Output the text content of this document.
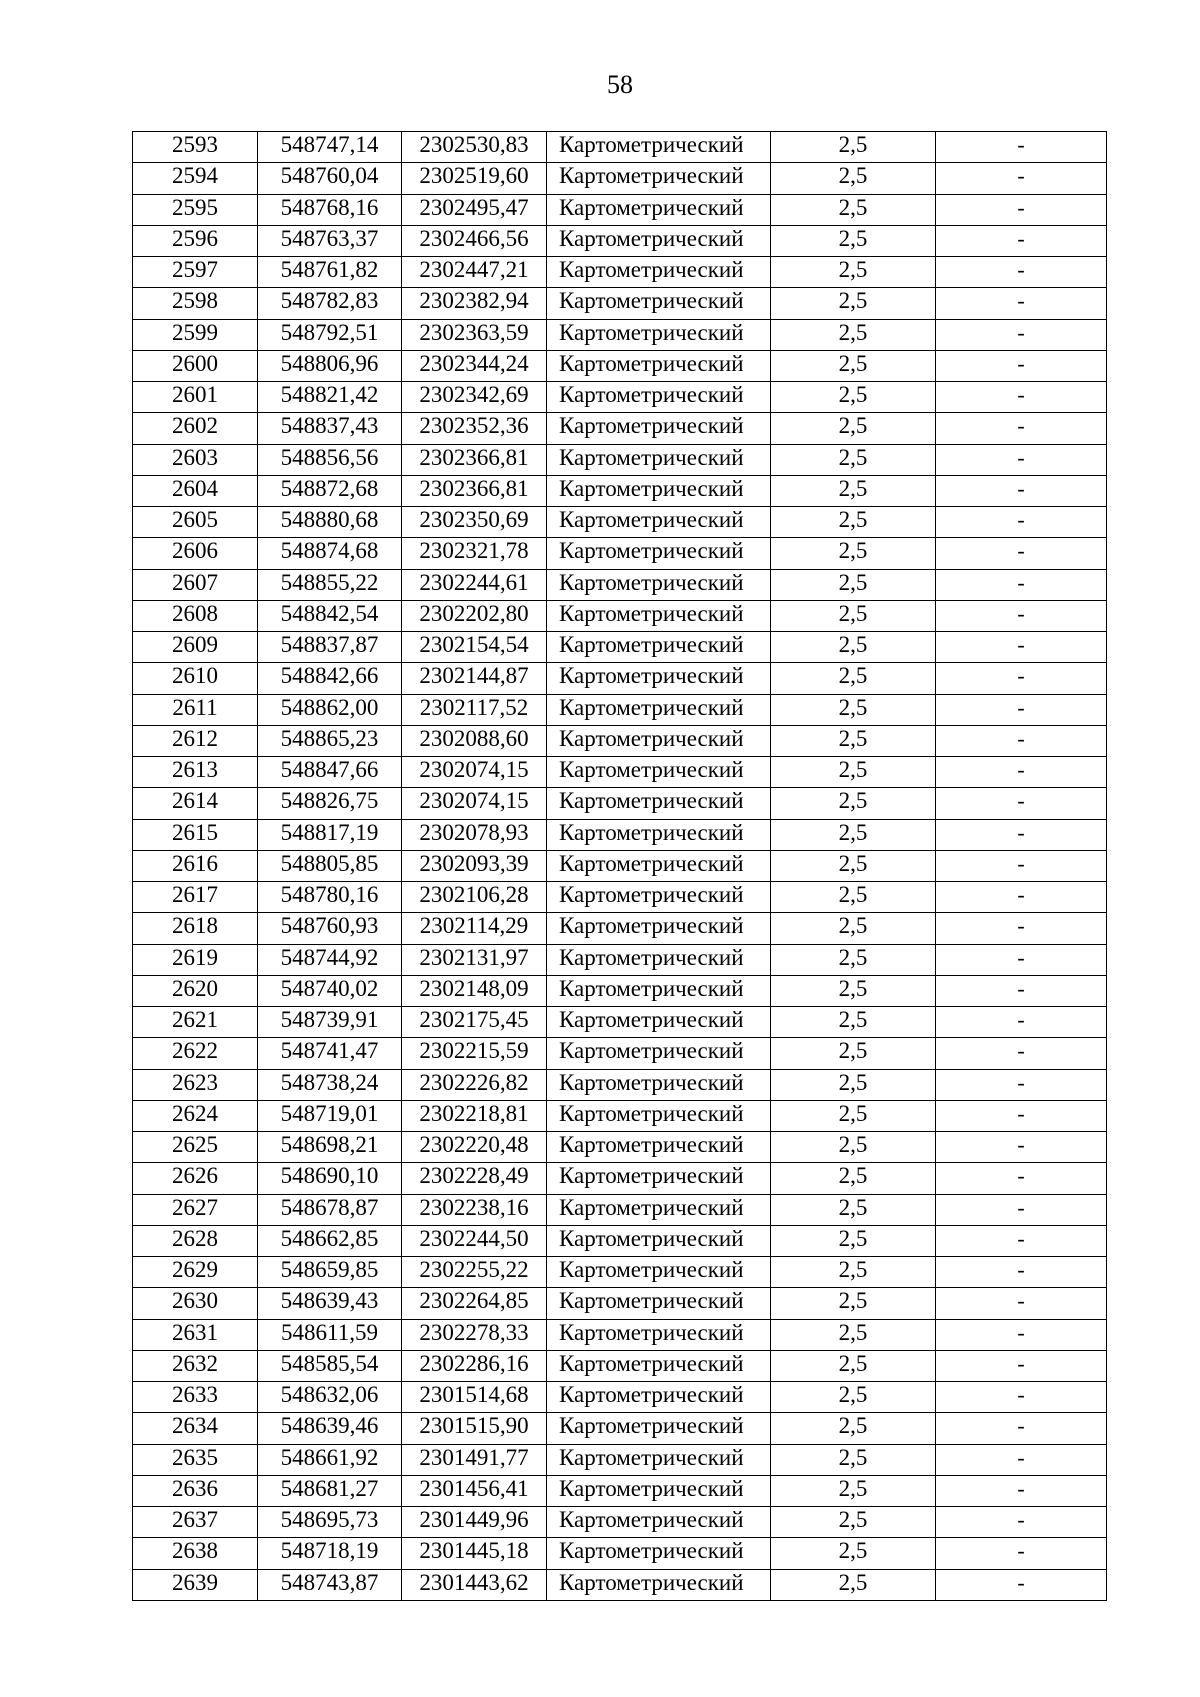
58
2593	548747,14	2302530,83	Картометрический	2,5	-
2594	548760,04	2302519,60	Картометрический	2,5	-
2595	548768,16	2302495,47	Картометрический	2,5	-
2596	548763,37	2302466,56	Картометрический	2,5	-
2597	548761,82	2302447,21	Картометрический	2,5	-
2598	548782,83	2302382,94	Картометрический	2,5	-
2599	548792,51	2302363,59	Картометрический	2,5	-
2600	548806,96	2302344,24	Картометрический	2,5	-
2601	548821,42	2302342,69	Картометрический	2,5	-
2602	548837,43	2302352,36	Картометрический	2,5	-
2603	548856,56	2302366,81	Картометрический	2,5	-
2604	548872,68	2302366,81	Картометрический	2,5	-
2605	548880,68	2302350,69	Картометрический	2,5	-
2606	548874,68	2302321,78	Картометрический	2,5	-
2607	548855,22	2302244,61	Картометрический	2,5	-
2608	548842,54	2302202,80	Картометрический	2,5	-
2609	548837,87	2302154,54	Картометрический	2,5	-
2610	548842,66	2302144,87	Картометрический	2,5	-
2611	548862,00	2302117,52	Картометрический	2,5	-
2612	548865,23	2302088,60	Картометрический	2,5	-
2613	548847,66	2302074,15	Картометрический	2,5	-
2614	548826,75	2302074,15	Картометрический	2,5	-
2615	548817,19	2302078,93	Картометрический	2,5	-
2616	548805,85	2302093,39	Картометрический	2,5	-
2617	548780,16	2302106,28	Картометрический	2,5	-
2618	548760,93	2302114,29	Картометрический	2,5	-
2619	548744,92	2302131,97	Картометрический	2,5	-
2620	548740,02	2302148,09	Картометрический	2,5	-
2621	548739,91	2302175,45	Картометрический	2,5	-
2622	548741,47	2302215,59	Картометрический	2,5	-
2623	548738,24	2302226,82	Картометрический	2,5	-
2624	548719,01	2302218,81	Картометрический	2,5	-
2625	548698,21	2302220,48	Картометрический	2,5	-
2626	548690,10	2302228,49	Картометрический	2,5	-
2627	548678,87	2302238,16	Картометрический	2,5	-
2628	548662,85	2302244,50	Картометрический	2,5	-
2629	548659,85	2302255,22	Картометрический	2,5	-
2630	548639,43	2302264,85	Картометрический	2,5	-
2631	548611,59	2302278,33	Картометрический	2,5	-
2632	548585,54	2302286,16	Картометрический	2,5	-
2633	548632,06	2301514,68	Картометрический	2,5	-
2634	548639,46	2301515,90	Картометрический	2,5	-
2635	548661,92	2301491,77	Картометрический	2,5	-
2636	548681,27	2301456,41	Картометрический	2,5	-
2637	548695,73	2301449,96	Картометрический	2,5	-
2638	548718,19	2301445,18	Картометрический	2,5	-
2639	548743,87	2301443,62	Картометрический	2,5	-
